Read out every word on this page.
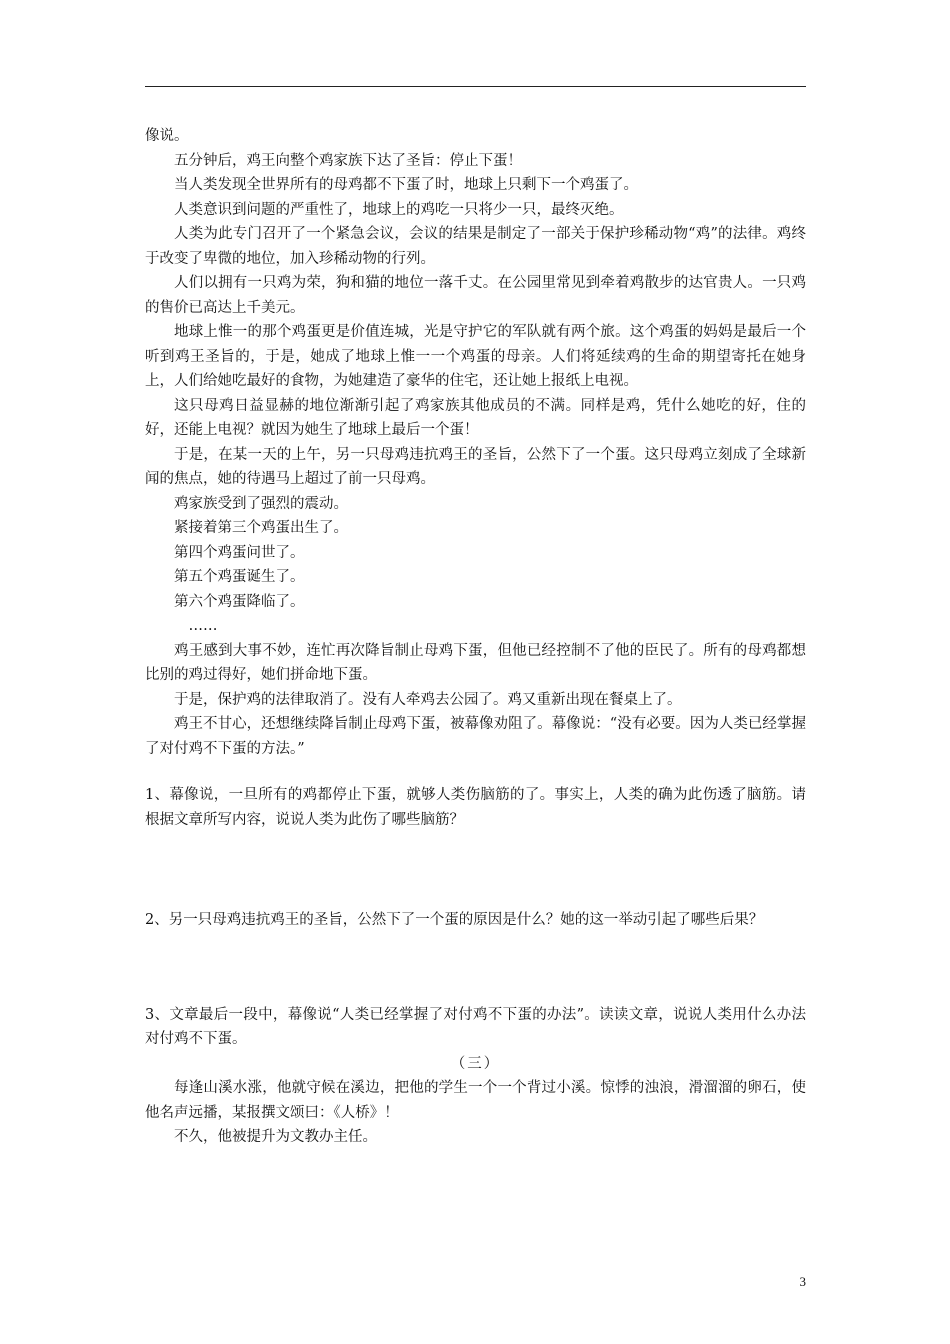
像说。

五分钟后，鸡王向整个鸡家族下达了圣旨：停止下蛋！

当人类发现全世界所有的母鸡都不下蛋了时，地球上只剩下一个鸡蛋了。

人类意识到问题的严重性了，地球上的鸡吃一只将少一只，最终灭绝。

人类为此专门召开了一个紧急会议，会议的结果是制定了一部关于保护珍稀动物“鸡”的法律。鸡终于改变了卑微的地位，加入珍稀动物的行列。

人们以拥有一只鸡为荣，狗和猫的地位一落千丈。在公园里常见到牵着鸡散步的达官贵人。一只鸡的售价已高达上千美元。

地球上惟一的那个鸡蛋更是价值连城，光是守护它的军队就有两个旅。这个鸡蛋的妈妈是最后一个听到鸡王圣旨的，于是，她成了地球上惟一一个鸡蛋的母亲。人们将延续鸡的生命的期望寄托在她身上，人们给她吃最好的食物，为她建造了豪华的住宅，还让她上报纸上电视。

这只母鸡日益显赫的地位渐渐引起了鸡家族其他成员的不满。同样是鸡，凭什么她吃的好，住的好，还能上电视？就因为她生了地球上最后一个蛋！

于是，在某一天的上午，另一只母鸡违抗鸡王的圣旨，公然下了一个蛋。这只母鸡立刻成了全球新闻的焦点，她的待遇马上超过了前一只母鸡。

鸡家族受到了强烈的震动。

紧接着第三个鸡蛋出生了。

第四个鸡蛋问世了。

第五个鸡蛋诞生了。

第六个鸡蛋降临了。

……

鸡王感到大事不妙，连忙再次降旨制止母鸡下蛋，但他已经控制不了他的臣民了。所有的母鸡都想比别的鸡过得好，她们拼命地下蛋。

于是，保护鸡的法律取消了。没有人牵鸡去公园了。鸡又重新出现在餐桌上了。

鸡王不甘心，还想继续降旨制止母鸡下蛋，被幕像劝阻了。幕像说：“没有必要。因为人类已经掌握了对付鸡不下蛋的方法。”

1、幕像说，一旦所有的鸡都停止下蛋，就够人类伤脑筋的了。事实上，人类的确为此伤透了脑筋。请根据文章所写内容，说说人类为此伤了哪些脑筋？

2、另一只母鸡违抗鸡王的圣旨，公然下了一个蛋的原因是什么？她的这一举动引起了哪些后果？

3、文章最后一段中，幕像说“人类已经掌握了对付鸡不下蛋的办法”。读读文章，说说人类用什么办法对付鸡不下蛋。

（三）

每逢山溪水涨，他就守候在溪边，把他的学生一个一个背过小溪。惊悸的浊浪，滑溜溜的卵石，使他名声远播，某报撰文颂曰：《人桥》！

不久，他被提升为文教办主任。

3
